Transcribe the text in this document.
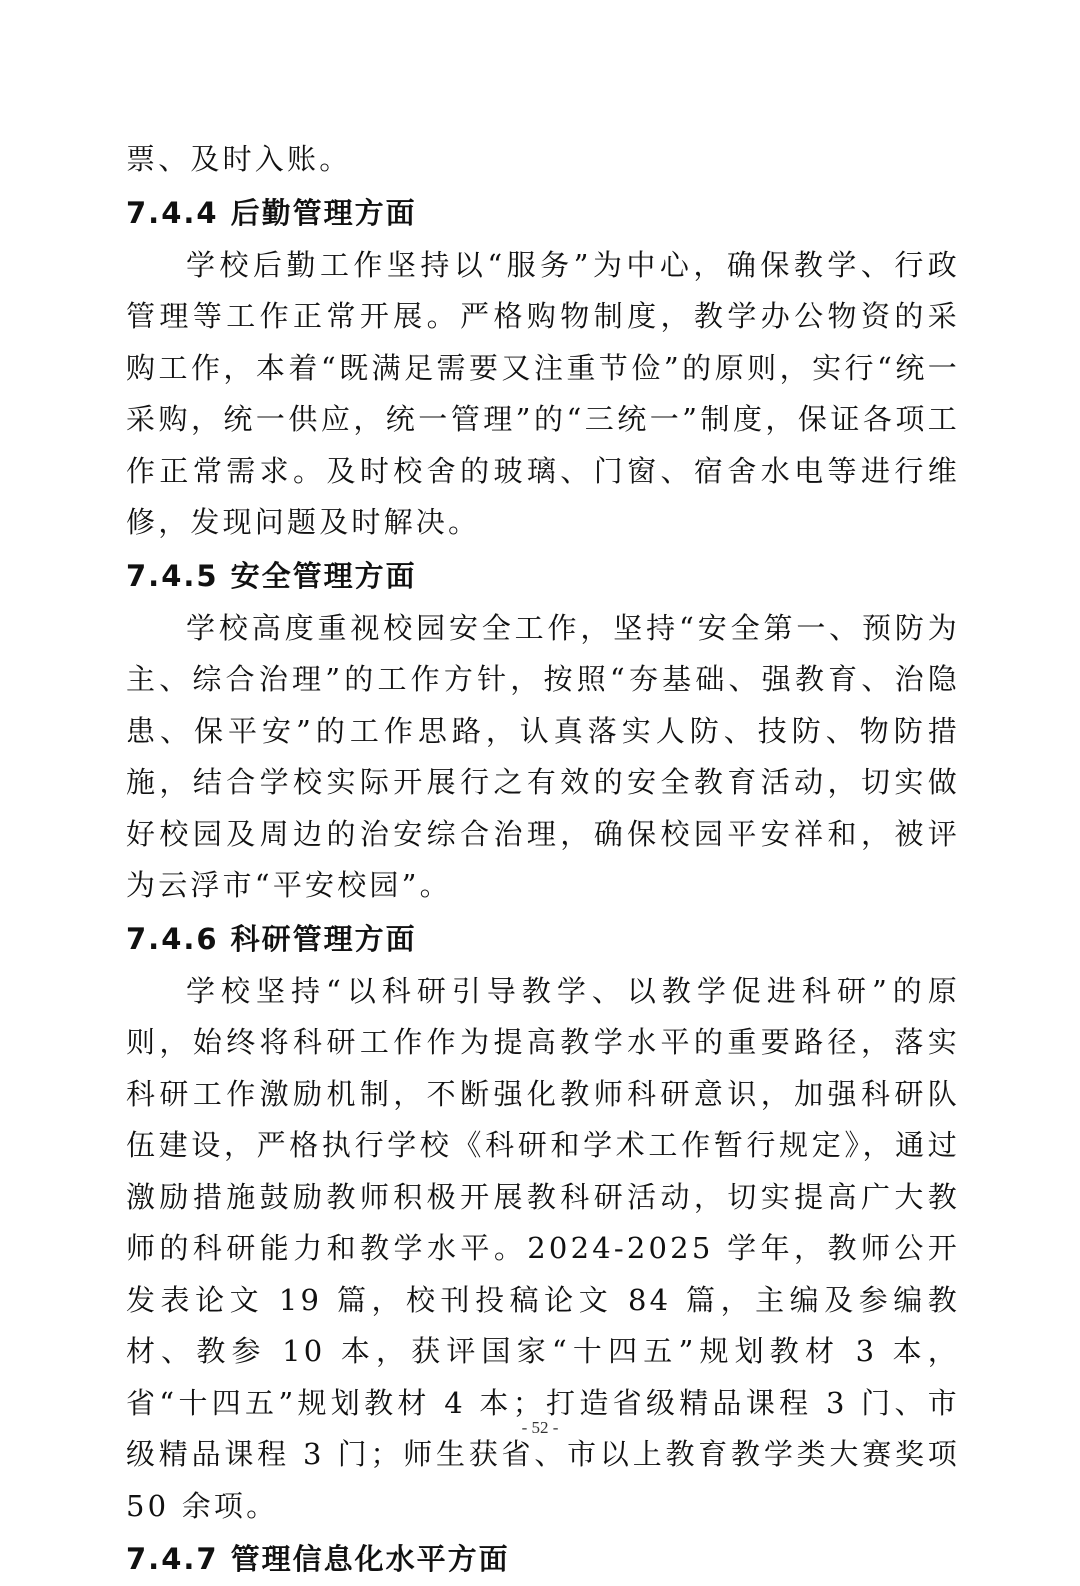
票、及时入账。

7.4.4 后勤管理方面

学校后勤工作坚持以“服务”为中心，确保教学、行政管理等工作正常开展。严格购物制度，教学办公物资的采购工作，本着“既满足需要又注重节俭”的原则，实行“统一采购，统一供应，统一管理”的“三统一”制度，保证各项工作正常需求。及时校舍的玻璃、门窗、宿舍水电等进行维修，发现问题及时解决。

7.4.5 安全管理方面

学校高度重视校园安全工作，坚持“安全第一、预防为主、综合治理”的工作方针，按照“夯基础、强教育、治隐患、保平安”的工作思路，认真落实人防、技防、物防措施，结合学校实际开展行之有效的安全教育活动，切实做好校园及周边的治安综合治理，确保校园平安祥和，被评为云浮市“平安校园”。

7.4.6 科研管理方面

学校坚持“以科研引导教学、以教学促进科研”的原则，始终将科研工作作为提高教学水平的重要路径，落实科研工作激励机制，不断强化教师科研意识，加强科研队伍建设，严格执行学校《科研和学术工作暂行规定》，通过激励措施鼓励教师积极开展教科研活动，切实提高广大教师的科研能力和教学水平。2024-2025 学年，教师公开发表论文 19 篇，校刊投稿论文 84 篇，主编及参编教材、教参 10 本，获评国家“十四五”规划教材 3 本，省“十四五”规划教材 4 本；打造省级精品课程 3 门、市级精品课程 3 门；师生获省、市以上教育教学类大赛奖项 50 余项。

7.4.7 管理信息化水平方面
- 52 -
